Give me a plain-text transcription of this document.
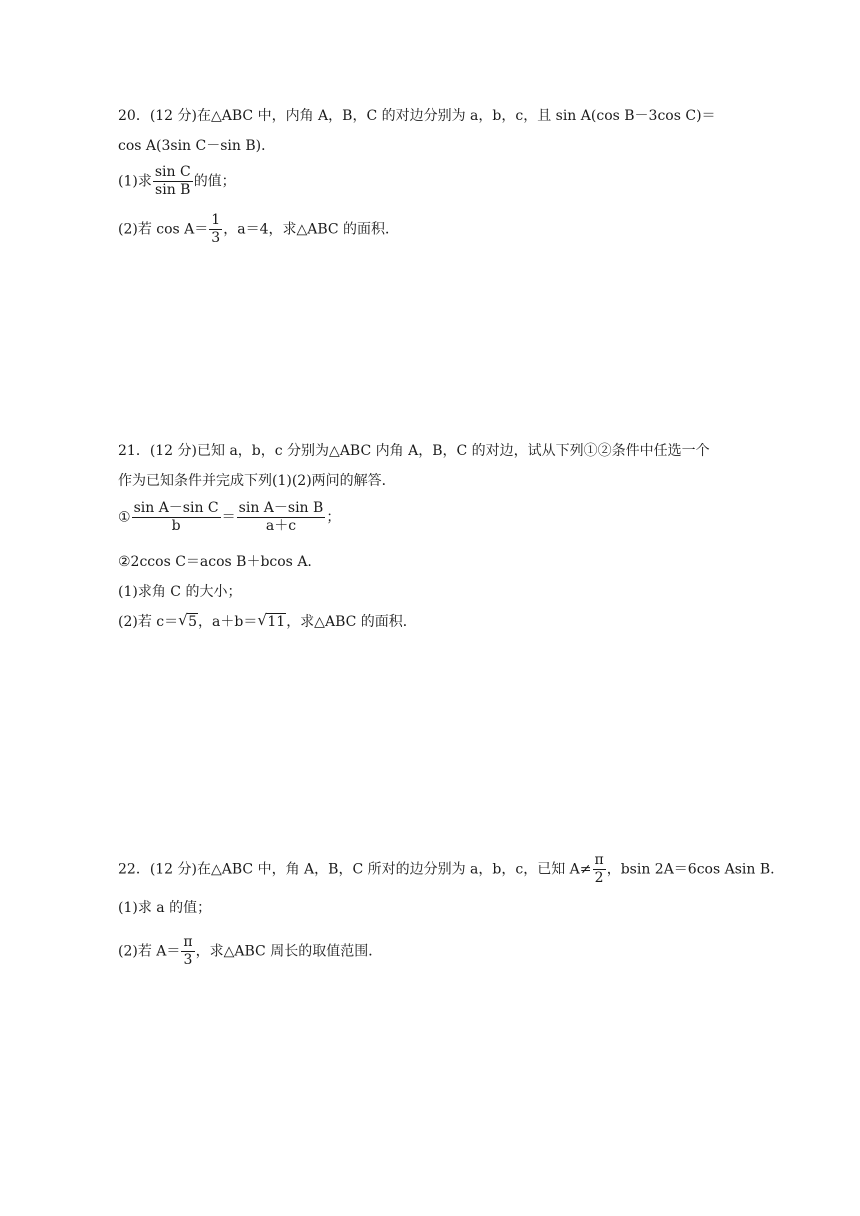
20．(12 分)在△ABC 中，内角 A，B，C 的对边分别为 a，b，c，且 sin A(cos B－3cos C)＝
cos A(3sin C－sin B)．
(1)求 $\frac{\text{sin C}}{\text{sin B}}$ 的值；
(2)若 $\cos A= \frac{1}{3}$ ，a＝4，求△ABC 的面积．
21．(12 分)已知 a，b，c 分别为△ABC 内角 A，B，C 的对边，试从下列①②条件中任选一个
作为已知条件并完成下列(1)(2)两问的解答．
① $\frac{\text{sin A－sin C}}{b} = \frac{\text{sin A－sin B}}{a+c}$ ；
②2ccos C＝acos B＋bcos A.
(1)求角 C 的大小；
(2)若 c＝ √ 5，a＋b＝ √ 11，求△ABC 的面积．
22．(12 分)在△ABC 中，角 A，B，C 所对的边分别为 a，b，c，已知 $A\ne \frac{\pi}{2}$ ，bsin 2A＝6cos Asin B.
(1)求 a 的值；
(2)若 $A= \frac{\pi}{3}$ ，求△ABC 周长的取值范围．
